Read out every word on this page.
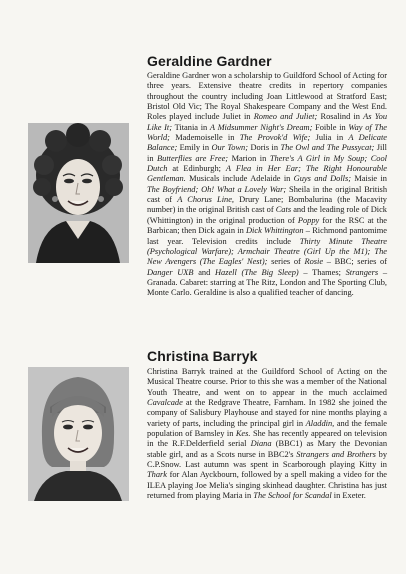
Geraldine Gardner

Geraldine Gardner won a scholarship to Guildford School of Acting for three years. Extensive theatre credits in repertory companies throughout the country including Joan Littlewood at Stratford East; Bristol Old Vic; The Royal Shakespeare Company and the West End. Roles played include Juliet in Romeo and Juliet; Rosalind in As You Like It; Titania in A Midsummer Night's Dream; Foible in Way of The World; Mademoiselle in The Provok'd Wife; Julia in A Delicate Balance; Emily in Our Town; Doris in The Owl and The Pussycat; Jill in Butterflies are Free; Marion in There's A Girl in My Soup; Cool Dutch at Edinburgh; A Flea in Her Ear; The Right Honourable Gentleman. Musicals include Adelaide in Guys and Dolls; Maisie in The Boyfriend; Oh! What a Lovely War; Sheila in the original British cast of A Chorus Line, Drury Lane; Bombalurina (the Macavity number) in the original British cast of Cats and the leading role of Dick (Whittington) in the original production of Poppy for the RSC at the Barbican; then Dick again in Dick Whittington – Richmond pantomime last year. Television credits include Thirty Minute Theatre (Psychological Warfare); Armchair Theatre (Girl Up the M1); The New Avengers (The Eagles' Nest); series of Rosie – BBC; series of Danger UXB and Hazell (The Big Sleep) – Thames; Strangers – Granada. Cabaret: starring at The Ritz, London and The Sporting Club, Monte Carlo. Geraldine is also a qualified teacher of dancing.

Christina Barryk

Christina Barryk trained at the Guildford School of Acting on the Musical Theatre course. Prior to this she was a member of the National Youth Theatre, and went on to appear in the much acclaimed Cavalcade at the Redgrave Theatre, Farnham. In 1982 she joined the company of Salisbury Playhouse and stayed for nine months playing a variety of parts, including the principal girl in Aladdin, and the female population of Barnsley in Kes. She has recently appeared on television in the R.F.Delderfield serial Diana (BBC1) as Mary the Devonian stable girl, and as a Scots nurse in BBC2's Strangers and Brothers by C.P.Snow. Last autumn was spent in Scarborough playing Kitty in Thark for Alan Ayckbourn, followed by a spell making a video for the ILEA playing Joe Melia's singing skinhead daughter. Christina has just returned from playing Maria in The School for Scandal in Exeter.
